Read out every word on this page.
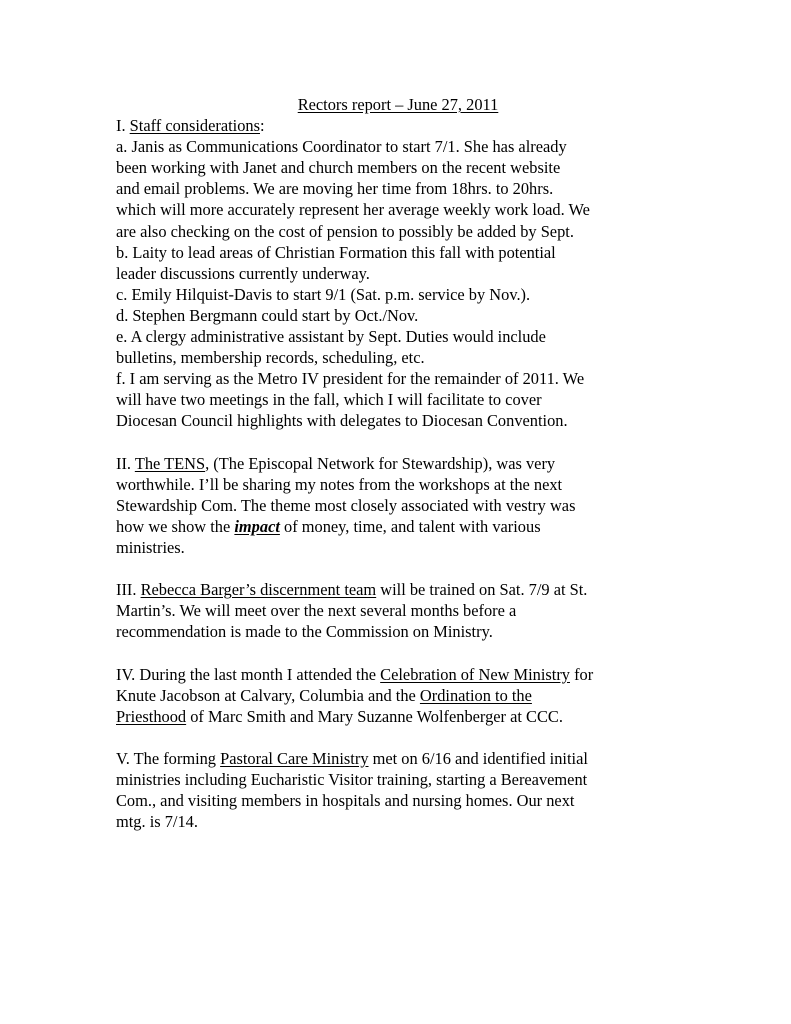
Rectors report – June 27, 2011
I. Staff considerations:
a. Janis as Communications Coordinator to start 7/1. She has already
been working with Janet and church members on the recent website
and email problems. We are moving her time from 18hrs. to 20hrs.
which will more accurately represent her average weekly work load. We
are also checking on the cost of pension to possibly be added by Sept.
b. Laity to lead areas of Christian Formation this fall with potential
leader discussions currently underway.
c. Emily Hilquist-Davis to start 9/1 (Sat. p.m. service by Nov.).
d. Stephen Bergmann could start by Oct./Nov.
e. A clergy administrative assistant by Sept. Duties would include
bulletins, membership records, scheduling, etc.
f. I am serving as the Metro IV president for the remainder of 2011. We
will have two meetings in the fall, which I will facilitate to cover
Diocesan Council highlights with delegates to Diocesan Convention.
II. The TENS, (The Episcopal Network for Stewardship), was very
worthwhile. I’ll be sharing my notes from the workshops at the next
Stewardship Com. The theme most closely associated with vestry was
how we show the impact of money, time, and talent with various
ministries.
III. Rebecca Barger’s discernment team will be trained on Sat. 7/9 at St.
Martin’s. We will meet over the next several months before a
recommendation is made to the Commission on Ministry.
IV. During the last month I attended the Celebration of New Ministry for
Knute Jacobson at Calvary, Columbia and the Ordination to the
Priesthood of Marc Smith and Mary Suzanne Wolfenberger at CCC.
V. The forming Pastoral Care Ministry met on 6/16 and identified initial
ministries including Eucharistic Visitor training, starting a Bereavement
Com., and visiting members in hospitals and nursing homes. Our next
mtg. is 7/14.
